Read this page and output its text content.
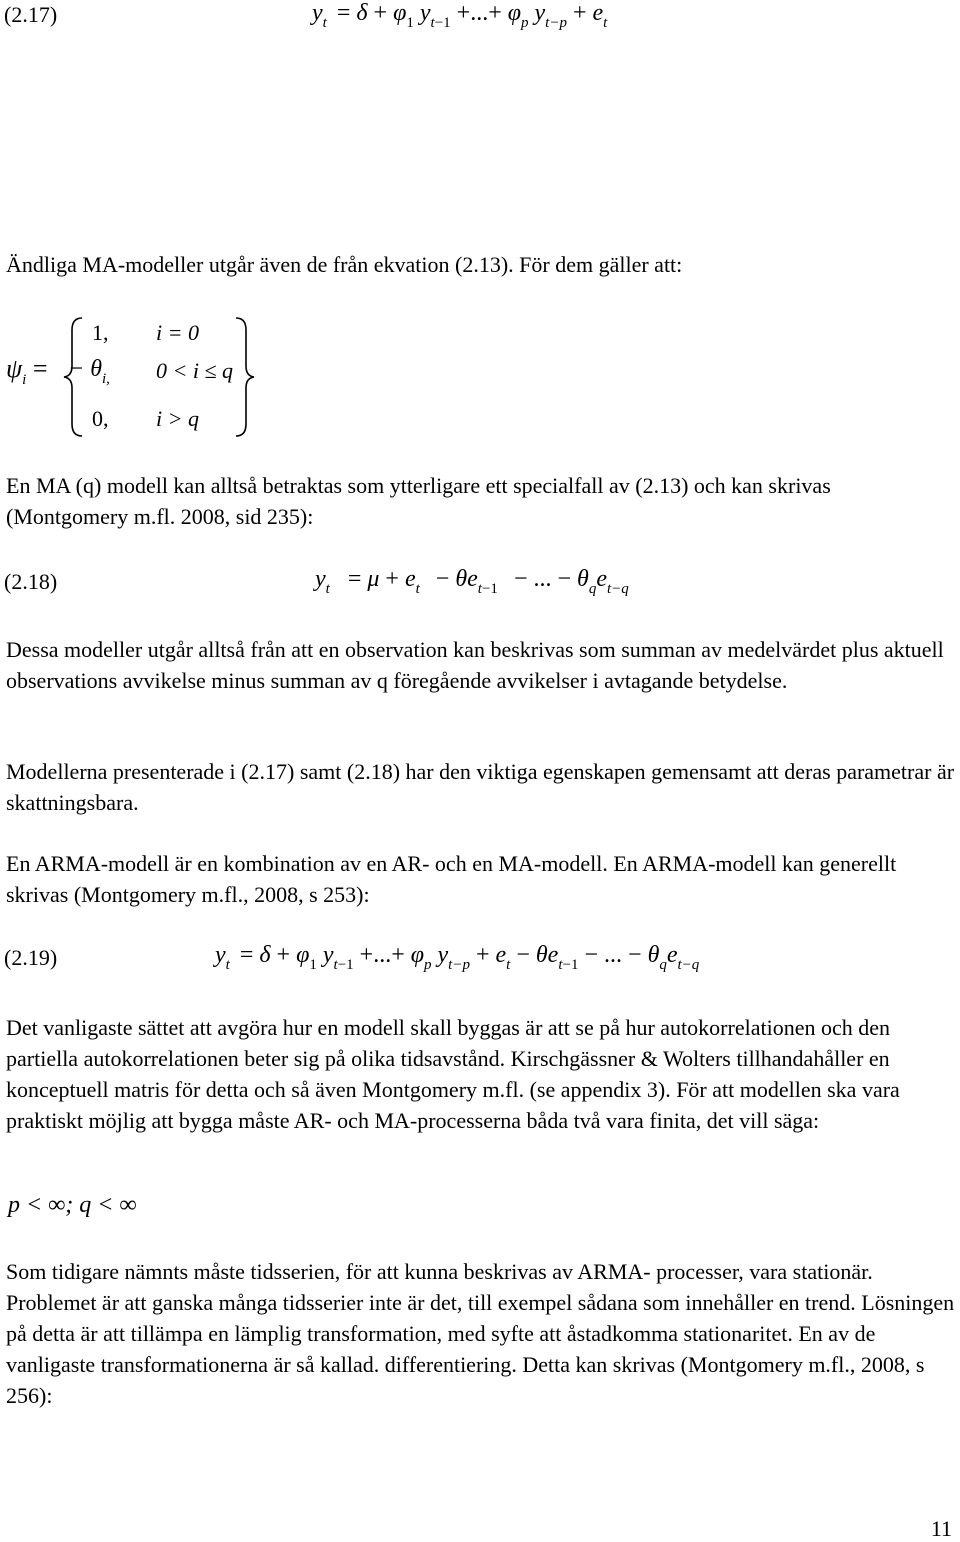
(2.17)	$y_t = \delta + \varphi_1$ $y_{t-1}$ +...+ $\varphi_p$ $y_{t-p} + e_t$

Ändliga MA-modeller utgår även de från ekvation (2.13). För dem gäller att:

$\psi_i$ =
1, i = 0
− $\theta_{i,}$ 0 < i ≤ q
0, i > q

En MA (q) modell kan alltså betraktas som ytterligare ett specialfall av (2.13) och kan skrivas (Montgomery m.fl. 2008, sid 235):

(2.18)	$y_t = \mu + e_t - \theta e_{t-1}$ − ... − $\theta_qe_{t-q}$

Dessa modeller utgår alltså från att en observation kan beskrivas som summan av medelvärdet plus aktuell observations avvikelse minus summan av q föregående avvikelser i avtagande betydelse.

Modellerna presenterade i (2.17) samt (2.18) har den viktiga egenskapen gemensamt att deras parametrar är skattningsbara.

En ARMA-modell är en kombination av en AR- och en MA-modell. En ARMA-modell kan generellt skrivas (Montgomery m.fl., 2008, s 253):

(2.19)	$y_t = \delta + \varphi_1$ $y_{t-1}$ +...+ $\varphi_p$ $y_{t-p} + e_t - \theta e_{t-1}$ − ... − $\theta_qe_{t-q}$

Det vanligaste sättet att avgöra hur en modell skall byggas är att se på hur autokorrelationen och den partiella autokorrelationen beter sig på olika tidsavstånd. Kirschgässner & Wolters tillhandahåller en konceptuell matris för detta och så även Montgomery m.fl. (se appendix 3). För att modellen ska vara praktiskt möjlig att bygga måste AR- och MA-processerna båda två vara finita, det vill säga:

p < ∞; q < ∞

Som tidigare nämnts måste tidsserien, för att kunna beskrivas av ARMA- processer, vara stationär. Problemet är att ganska många tidsserier inte är det, till exempel sådana som innehåller en trend. Lösningen på detta är att tillämpa en lämplig transformation, med syfte att åstadkomma stationaritet. En av de vanligaste transformationerna är så kallad. differentiering. Detta kan skrivas (Montgomery m.fl., 2008, s 256):

11
